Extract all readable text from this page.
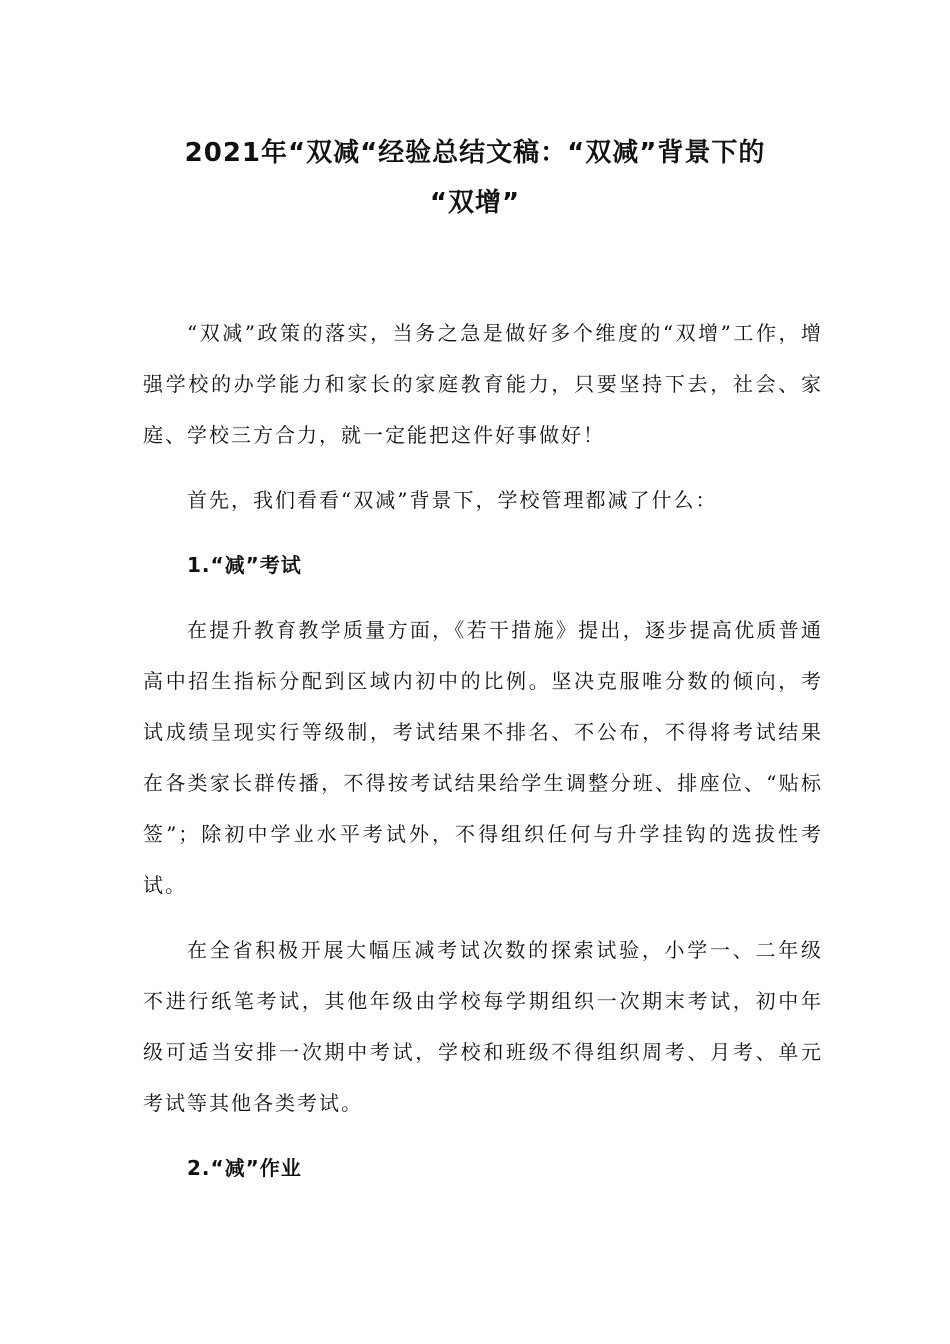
2021年“双减“经验总结文稿：“双减”背景下的
“双增”

“双减”政策的落实，当务之急是做好多个维度的“双增”工作，增强学校的办学能力和家长的家庭教育能力，只要坚持下去，社会、家庭、学校三方合力，就一定能把这件好事做好！

首先，我们看看“双减”背景下，学校管理都减了什么：

1.“减”考试

在提升教育教学质量方面，《若干措施》提出，逐步提高优质普通高中招生指标分配到区域内初中的比例。坚决克服唯分数的倾向，考试成绩呈现实行等级制，考试结果不排名、不公布，不得将考试结果在各类家长群传播，不得按考试结果给学生调整分班、排座位、“贴标签”；除初中学业水平考试外，不得组织任何与升学挂钩的选拔性考试。

在全省积极开展大幅压减考试次数的探索试验，小学一、二年级不进行纸笔考试，其他年级由学校每学期组织一次期末考试，初中年级可适当安排一次期中考试，学校和班级不得组织周考、月考、单元考试等其他各类考试。

2.“减”作业
